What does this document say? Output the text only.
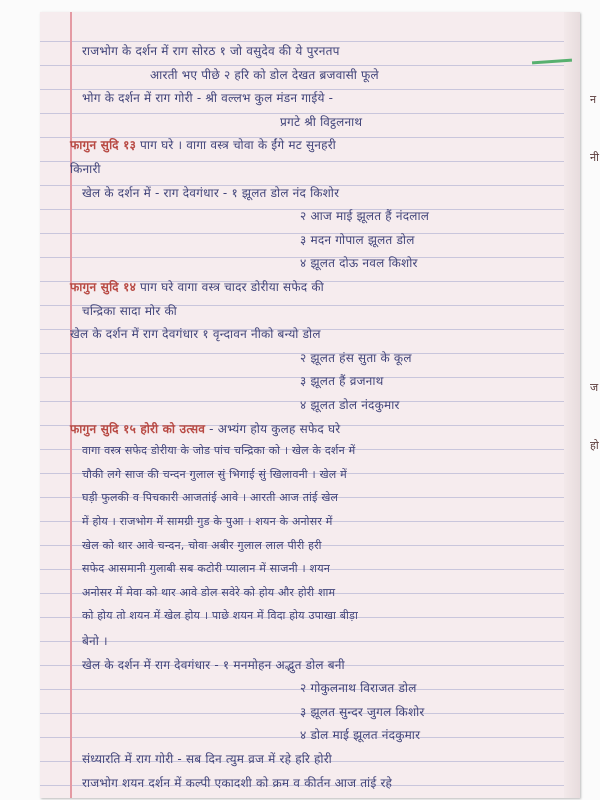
राजभोग के दर्शन में राग सोरठ १ जो वसुदेव की ये पुरनतप
आरती भए पीछे २ हरि को डोल देखत ब्रजवासी फूले
भोग के दर्शन में राग गोरी - श्री वल्लभ कुल मंडन गाईये -
प्रगटे श्री विट्ठलनाथ
फागुन सुदि १३ पाग घरे । वागा वस्त्र चोवा के ईंगे मट सुनहरी
किनारी
खेल के दर्शन में - राग देवगंधार - १ झूलत डोल नंद किशोर
२ आज माई झूलत हैं नंदलाल
३ मदन गोपाल झूलत डोल
४ झूलत दोऊ नवल किशोर
फागुन सुदि १४ पाग घरे वागा वस्त्र चादर डोरीया सफेद की
चन्द्रिका सादा मोर की
खेल के दर्शन में राग देवगंधार १ वृन्दावन नीको बन्यो डोल
२ झूलत हंस सुता के कूल
३ झूलत हैं व्रजनाथ
४ झूलत डोल नंदकुमार
फागुन सुदि १५ होरी को उत्सव - अभ्यंग होय कुलह सफेद घरे
वागा वस्त्र सफेद डोरीया के जोड पांच चन्द्रिका को । खेल के दर्शन में
चौकी लगे साज की चन्दन गुलाल सुं भिगाई सुं खिलावनी । खेल में
घड़ी फुलकी व पिचकारी आजतांई आवे । आरती आज तांई खेल
में होय । राजभोग में सामग्री गुड के पुआ । शयन के अनोसर में
खेल को थार आवे चन्दन, चोवा अबीर गुलाल लाल पीरी हरी
सफेद आसमानी गुलाबी सब कटोरी प्यालान में साजनी । शयन
अनोसर में मेवा को थार आवे डोल सवेरे को होय और होरी शाम
को होय तो शयन में खेल होय । पाछे शयन में विदा होय उपाखा बीड़ा
बेनो ।
खेल के दर्शन में राग देवगंधार - १ मनमोहन अद्भुत डोल बनी
२ गोकुलनाथ विराजत डोल
३ झूलत सुन्दर जुगल किशोर
४ डोल माई झूलत नंदकुमार
संध्यारति में राग गोरी - सब दिन त्युम व्रज में रहे हरि होरी
राजभोग शयन दर्शन में कल्पी एकादशी को क्रम व कीर्तन आज तांई रहे
न
नी
ज
हो
